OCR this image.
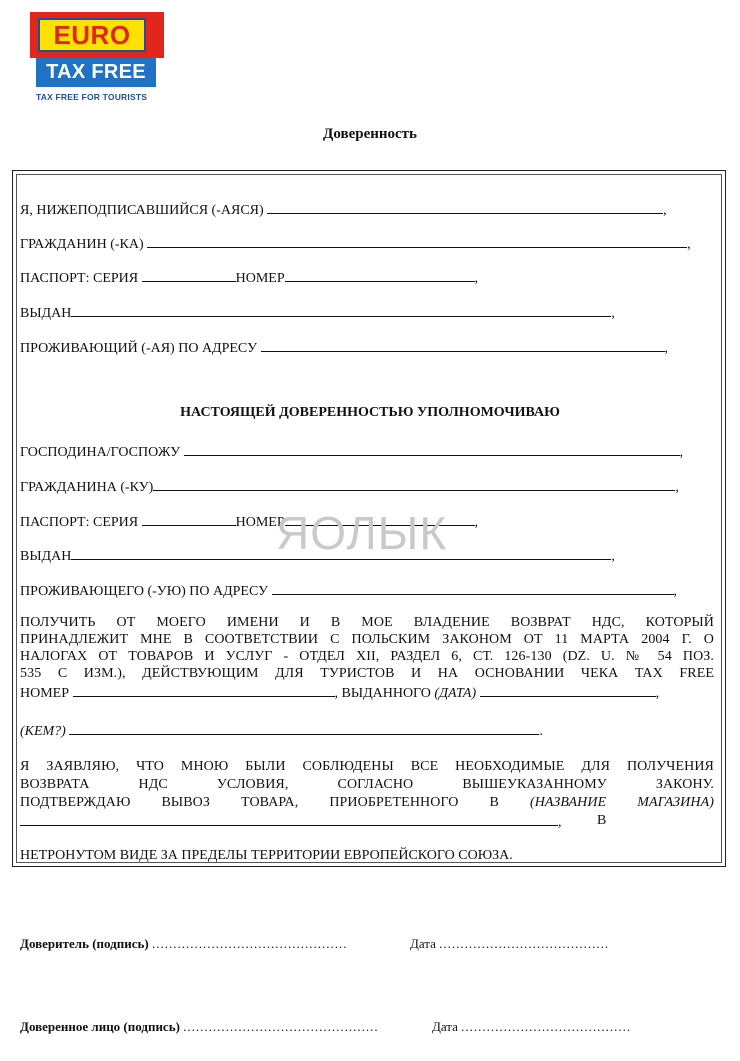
EURO
TAX FREE
TAX FREE FOR TOURISTS
Доверенность
Я, НИЖЕПОДПИСАВШИЙСЯ (-АЯСЯ)	,
ГРАЖДАНИН (-КА)	,
ПАСПОРТ: СЕРИЯ	НОМЕР	,
ВЫДАН	,
ПРОЖИВАЮЩИЙ (-АЯ) ПО АДРЕСУ	,
НАСТОЯЩЕЙ ДОВЕРЕННОСТЬЮ УПОЛНОМОЧИВАЮ
ГОСПОДИНА/ГОСПОЖУ	,
ГРАЖДАНИНА (-КУ)	,
ПАСПОРТ: СЕРИЯ	НОМЕР	,
ВЫДАН	,
ПРОЖИВАЮЩЕГО (-УЮ) ПО АДРЕСУ	,
ЯОЛЫК
ПОЛУЧИТЬ ОТ МОЕГО ИМЕНИ И В МОЕ ВЛАДЕНИЕ ВОЗВРАТ НДС, КОТОРЫЙ
ПРИНАДЛЕЖИТ МНЕ В СООТВЕТСТВИИ С ПОЛЬСКИМ ЗАКОНОМ ОТ 11 МАРТА 2004 Г. О
НАЛОГАХ ОТ ТОВАРОВ И УСЛУГ - ОТДЕЛ XII, РАЗДЕЛ 6, СТ. 126-130 (DZ. U. № 54 ПОЗ.
535 С ИЗМ.), ДЕЙСТВУЮЩИМ ДЛЯ ТУРИСТОВ И НА ОСНОВАНИИ ЧЕКА TAX FREE
НОМЕР	, ВЫДАННОГО (ДАТА)	,
(КЕМ?)	.
Я ЗАЯВЛЯЮ, ЧТО МНОЮ БЫЛИ СОБЛЮДЕНЫ ВСЕ НЕОБХОДИМЫЕ ДЛЯ ПОЛУЧЕНИЯ
ВОЗВРАТА НДС УСЛОВИЯ, СОГЛАСНО ВЫШЕУКАЗАННОМУ ЗАКОНУ.
ПОДТВЕРЖДАЮ ВЫВОЗ ТОВАРА, ПРИОБРЕТЕННОГО В (НАЗВАНИЕ МАГАЗИНА)
,	В
НЕТРОНУТОМ ВИДЕ ЗА ПРЕДЕЛЫ ТЕРРИТОРИИ ЕВРОПЕЙСКОГО СОЮЗА.
Доверитель (подпись) ..............................................	Дата ........................................
Доверенное лицо (подпись) ..............................................	Дата ........................................
